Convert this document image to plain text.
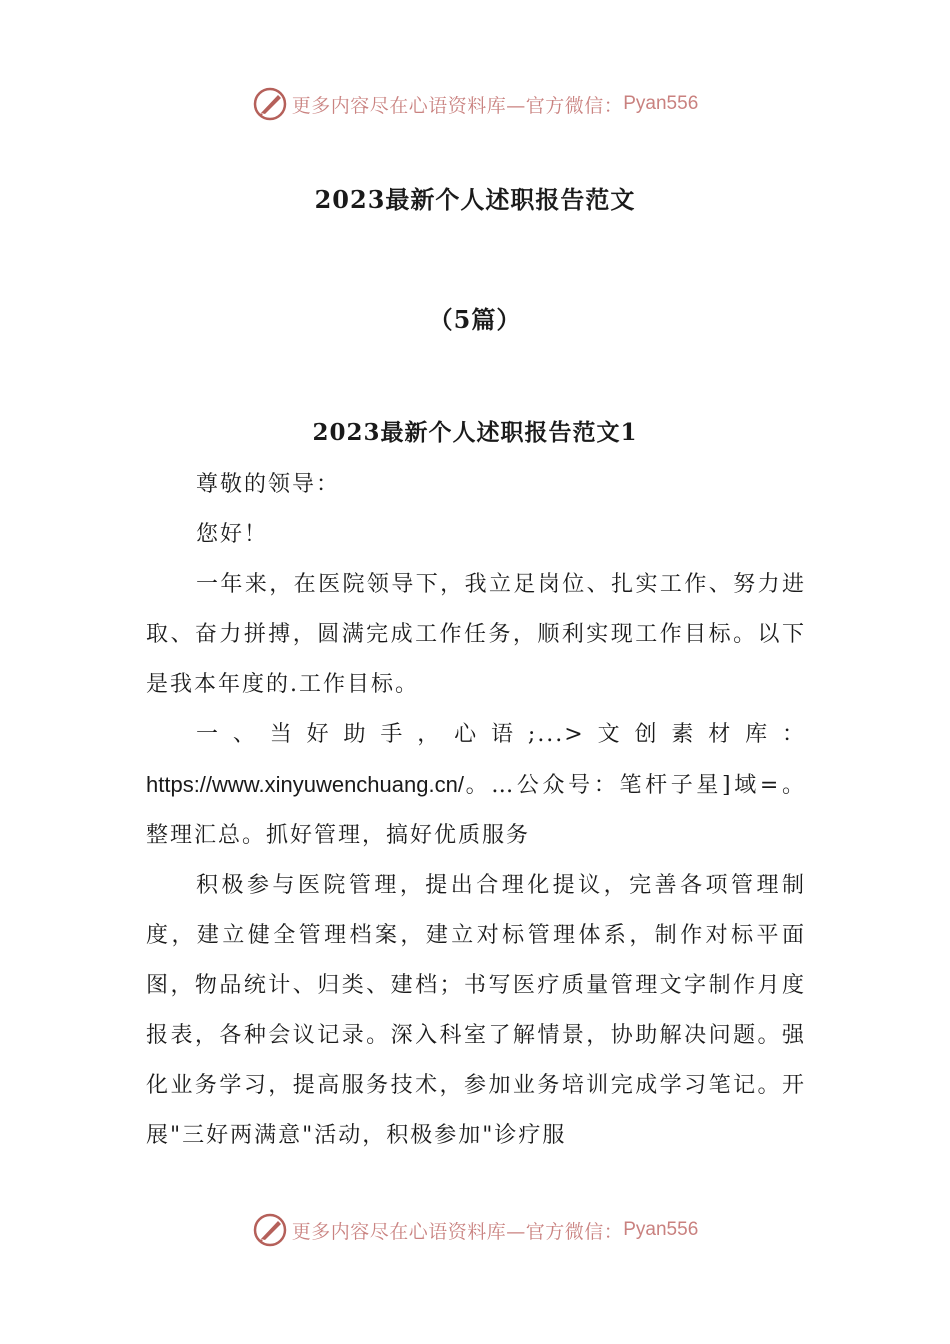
更多内容尽在心语资料库—官方微信： Pyan556
2023最新个人述职报告范文
（5篇）
2023最新个人述职报告范文1

尊敬的领导：

您好！

一年来，在医院领导下，我立足岗位、扎实工作、努力进取、奋力拼搏，圆满完成工作任务，顺利实现工作目标。以下是我本年度的.工作目标。

一、当好助手，心语;...>文创素材库：https://www.xinyuwenchuang.cn/。…公众号：笔杆子星]域=。整理汇总。抓好管理，搞好优质服务

积极参与医院管理，提出合理化提议，完善各项管理制度，建立健全管理档案，建立对标管理体系，制作对标平面图，物品统计、归类、建档；书写医疗质量管理文字制作月度报表，各种会议记录。深入科室了解情景，协助解决问题。强化业务学习，提高服务技术，参加业务培训完成学习笔记。开展"三好两满意"活动，积极参加"诊疗服

更多内容尽在心语资料库—官方微信： Pyan556
